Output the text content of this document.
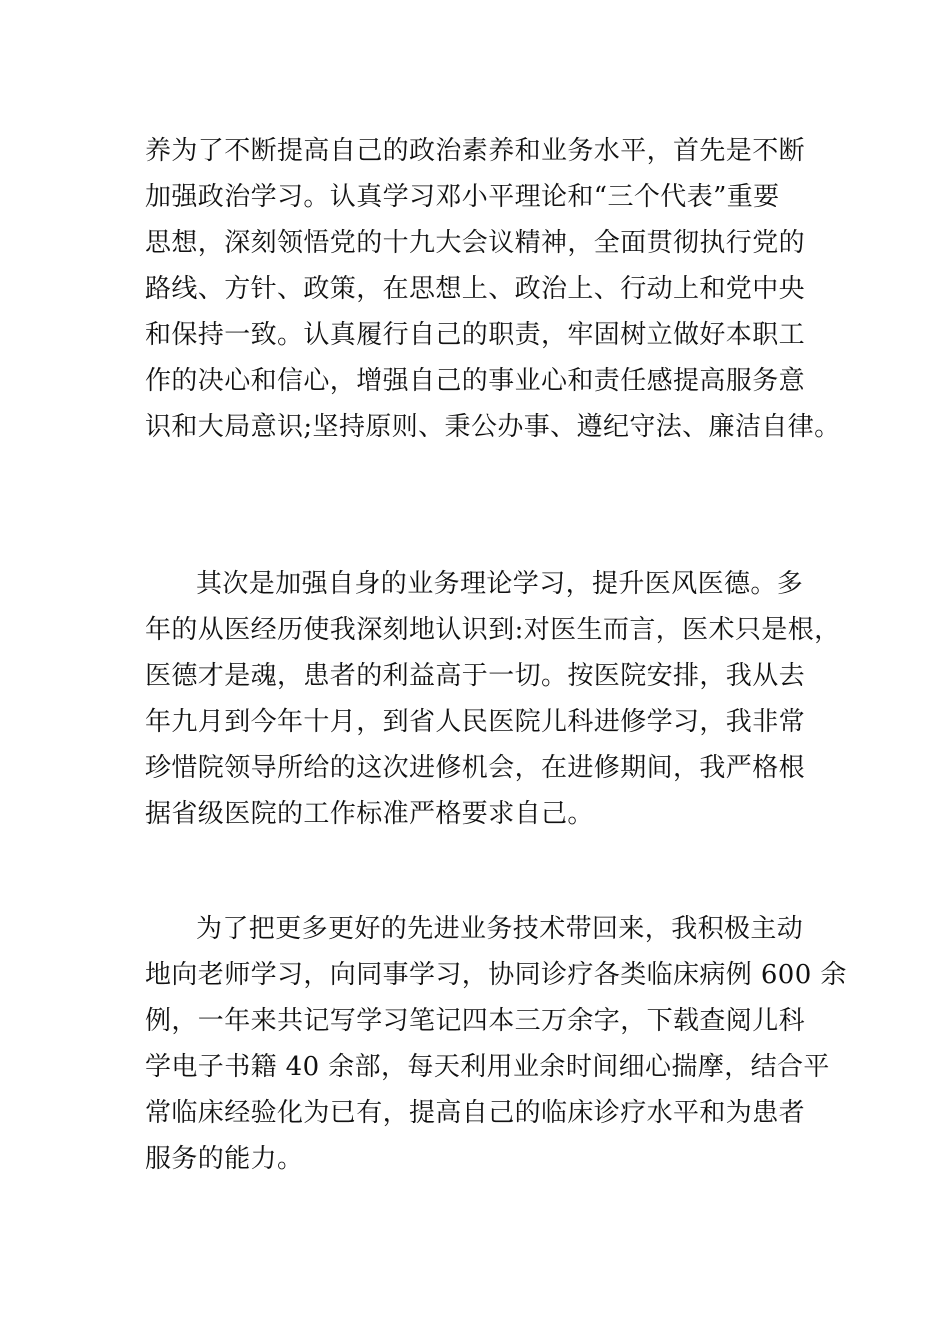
养为了不断提高自己的政治素养和业务水平，首先是不断
加强政治学习。认真学习邓小平理论和“三个代表”重要
思想，深刻领悟党的十九大会议精神，全面贯彻执行党的
路线、方针、政策，在思想上、政治上、行动上和党中央
和保持一致。认真履行自己的职责，牢固树立做好本职工
作的决心和信心，增强自己的事业心和责任感提高服务意
识和大局意识;坚持原则、秉公办事、遵纪守法、廉洁自律。
其次是加强自身的业务理论学习，提升医风医德。多
年的从医经历使我深刻地认识到:对医生而言，医术只是根，
医德才是魂，患者的利益高于一切。按医院安排，我从去
年九月到今年十月，到省人民医院儿科进修学习，我非常
珍惜院领导所给的这次进修机会，在进修期间，我严格根
据省级医院的工作标准严格要求自己。
为了把更多更好的先进业务技术带回来，我积极主动
地向老师学习，向同事学习，协同诊疗各类临床病例 600 余
例，一年来共记写学习笔记四本三万余字，下载查阅儿科
学电子书籍 40 余部，每天利用业余时间细心揣摩，结合平
常临床经验化为已有，提高自己的临床诊疗水平和为患者
服务的能力。
